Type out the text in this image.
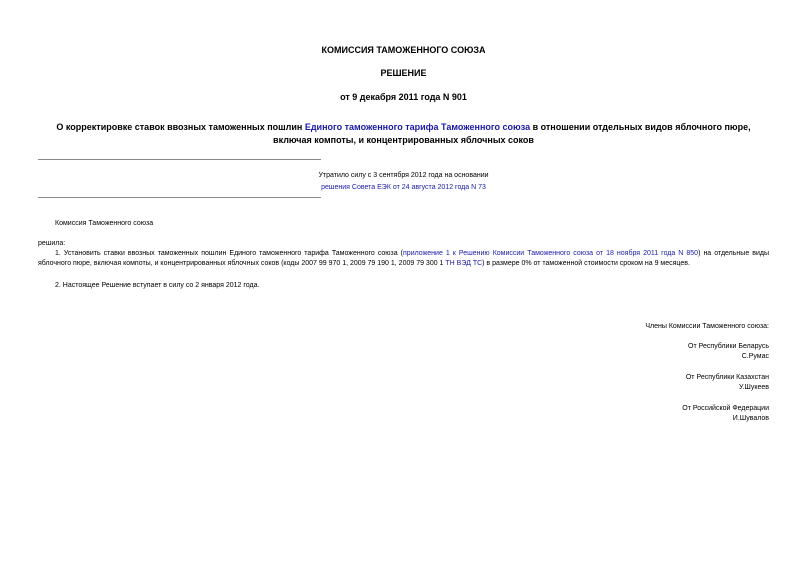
КОМИССИЯ ТАМОЖЕННОГО СОЮЗА
РЕШЕНИЕ
от 9 декабря 2011 года N 901
О корректировке ставок ввозных таможенных пошлин Единого таможенного тарифа Таможенного союза в отношении отдельных видов яблочного пюре, включая компоты, и концентрированных яблочных соков
Утратило силу с 3 сентября 2012 года на основании
решения Совета ЕЭК от 24 августа 2012 года N 73
Комиссия Таможенного союза
решила:
1. Установить ставки ввозных таможенных пошлин Единого таможенного тарифа Таможенного союза (приложение 1 к Решению Комиссии Таможенного союза от 18 ноября 2011 года N 850) на отдельные виды яблочного пюре, включая компоты, и концентрированных яблочных соков (коды 2007 99 970 1, 2009 79 190 1, 2009 79 300 1 ТН ВЭД ТС) в размере 0% от таможенной стоимости сроком на 9 месяцев.
2. Настоящее Решение вступает в силу со 2 января 2012 года.
Члены Комиссии Таможенного союза:
От Республики Беларусь
С.Румас
От Республики Казахстан
У.Шукеев
От Российской Федерации
И.Шувалов
